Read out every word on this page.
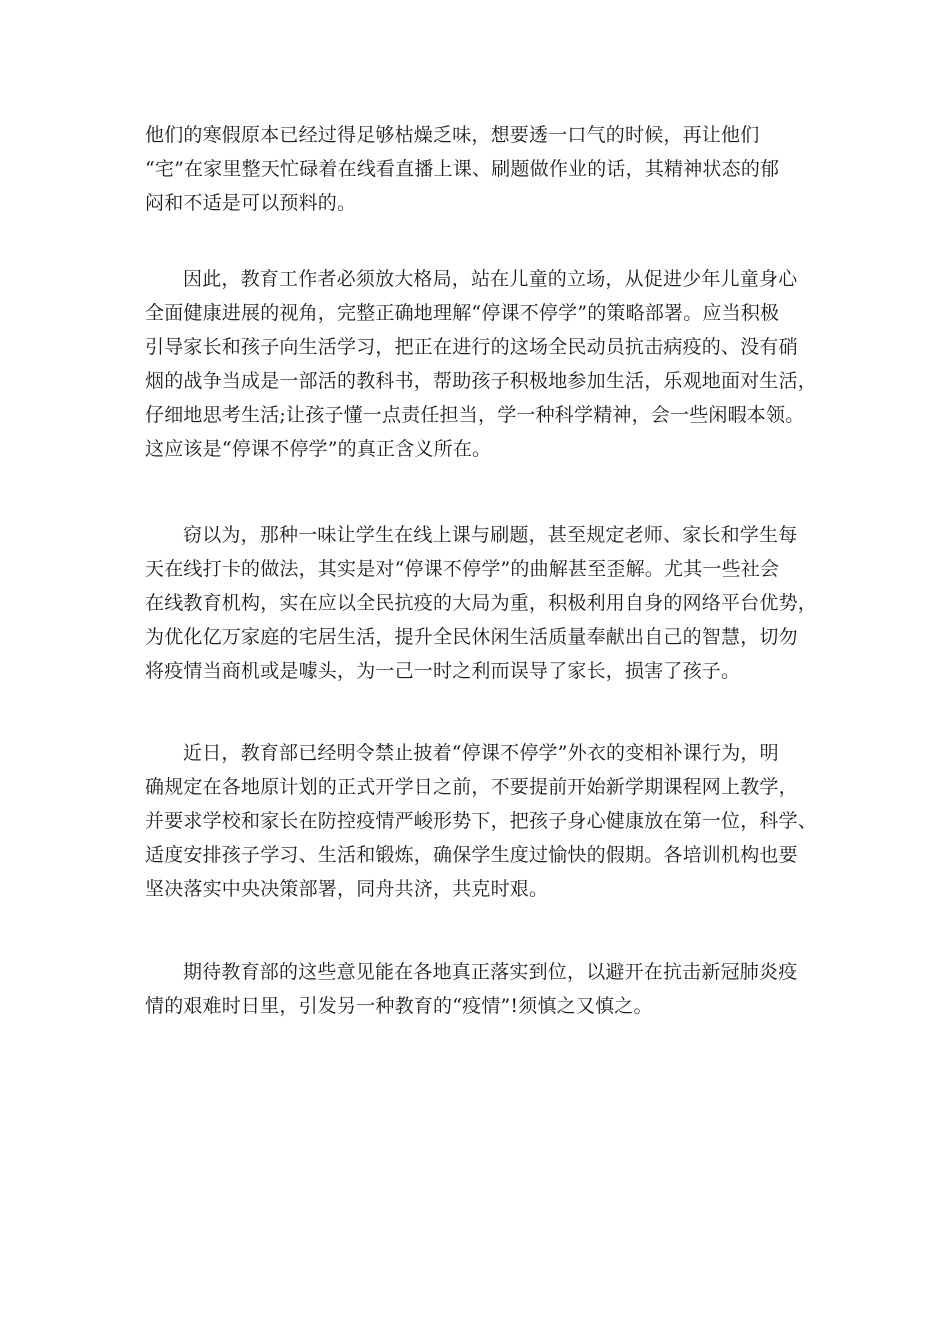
他们的寒假原本已经过得足够枯燥乏味，想要透一口气的时候，再让他们
“宅”在家里整天忙碌着在线看直播上课、刷题做作业的话，其精神状态的郁
闷和不适是可以预料的。
因此，教育工作者必须放大格局，站在儿童的立场，从促进少年儿童身心
全面健康进展的视角，完整正确地理解“停课不停学”的策略部署。应当积极
引导家长和孩子向生活学习，把正在进行的这场全民动员抗击病疫的、没有硝
烟的战争当成是一部活的教科书，帮助孩子积极地参加生活，乐观地面对生活，
仔细地思考生活;让孩子懂一点责任担当，学一种科学精神，会一些闲暇本领。
这应该是“停课不停学”的真正含义所在。
窃以为，那种一味让学生在线上课与刷题，甚至规定老师、家长和学生每
天在线打卡的做法，其实是对“停课不停学”的曲解甚至歪解。尤其一些社会
在线教育机构，实在应以全民抗疫的大局为重，积极利用自身的网络平台优势，
为优化亿万家庭的宅居生活，提升全民休闲生活质量奉献出自己的智慧，切勿
将疫情当商机或是噱头，为一己一时之利而误导了家长，损害了孩子。
近日，教育部已经明令禁止披着“停课不停学”外衣的变相补课行为，明
确规定在各地原计划的正式开学日之前，不要提前开始新学期课程网上教学，
并要求学校和家长在防控疫情严峻形势下，把孩子身心健康放在第一位，科学、
适度安排孩子学习、生活和锻炼，确保学生度过愉快的假期。各培训机构也要
坚决落实中央决策部署，同舟共济，共克时艰。
期待教育部的这些意见能在各地真正落实到位，以避开在抗击新冠肺炎疫
情的艰难时日里，引发另一种教育的“疫情”!须慎之又慎之。
